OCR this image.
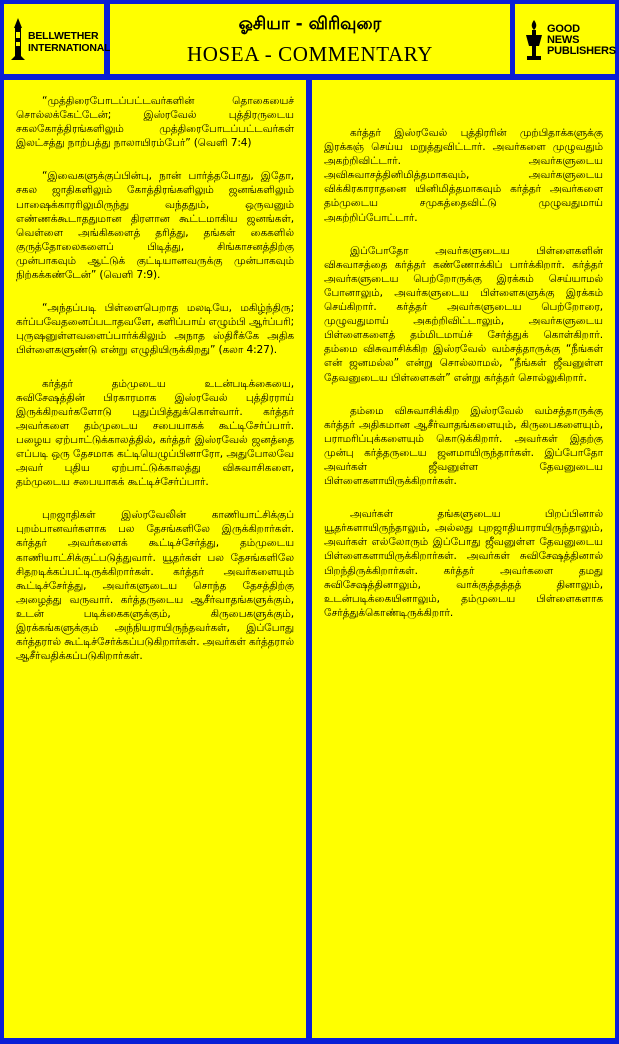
BELLWETHER
INTERNATIONAL
ஓசியா - விரிவுரை
HOSEA - COMMENTARY
GOOD NEWS
PUBLISHERS

“முத்திரைபோடப்பட்டவர்களின் தொகையைச் சொல்லக்கேட்டேன்; இஸ்ரவேல் புத்திரருடைய சகலகோத்திரங்களிலும் முத்திரைபோடப்பட்டவர்கள் இலட்சத்து நாற்பத்து நாலாயிரம்பேர்” (வெளி 7:4)

“இவைகளுக்குப்பின்பு, நான் பார்த்தபோது, இதோ, சகல ஜாதிகளிலும் கோத்திரங்களிலும் ஜனங்களிலும் பாஷைக்காரரிலுமிருந்து வந்ததும், ஒருவனும் எண்ணக்கூடாததுமான திரளான கூட்டமாகிய ஜனங்கள், வெள்ளை அங்கிகளைத் தரித்து, தங்கள் கைகளில் குருத்தோலைகளைப் பிடித்து, சிங்காசனத்திற்கு முன்பாகவும் ஆட்டுக் குட்டியானவருக்கு முன்பாகவும் நிற்கக்கண்டேன்” (வெளி 7:9).

“அந்தப்படி பிள்ளைபெறாத மலடியே, மகிழ்ந்திரு; கர்ப்பவேதனைப்படாதவளே, களிப்பாய் எழும்பி ஆர்ப்பரி; புருஷனுள்ளவளைப்பார்க்கிலும் அநாத ஸ்திரீக்கே அதிக பிள்ளைகளுண்டு என்று எழுதியிருக்கிறது” (கலா 4:27).

கர்த்தர் தம்முடைய உடன்படிக்கையை, சுவிசேஷத்தின் பிரகாரமாக இஸ்ரவேல் புத்திரராய் இருக்கிறவர்களோடு புதுப்பித்துக்கொள்வார். கர்த்தர் அவர்களை தம்முடைய சபையாகக் கூட்டிசேர்ப்பார். பழைய ஏற்பாட்டுக்காலத்தில், கர்த்தர் இஸ்ரவேல் ஜனத்தை எப்படி ஒரு தேசமாக கட்டியெழுப்பினாரோ, அதுபோலவே அவர் புதிய ஏற்பாட்டுக்காலத்து விசுவாசிகளை, தம்முடைய சபையாகக் கூட்டிச்சேர்ப்பார்.

புறஜாதிகள் இஸ்ரவேலின் காணியாட்சிக்குப் புறம்பானவர்களாக பல தேசங்களிலே இருக்கிறார்கள். கர்த்தர் அவர்களைக் கூட்டிச்சேர்த்து, தம்முடைய காணியாட்சிக்குட்படுத்துவார். யூதர்கள் பல தேசங்களிலே சிதறடிக்கப்பட்டிருக்கிறார்கள். கர்த்தர் அவர்களையும் கூட்டிச்சேர்த்து, அவர்களுடைய சொந்த தேசத்திற்கு அழைத்து வருவார். கர்த்தருடைய ஆசீர்வாதங்களுக்கும், உடன் படிக்கைகளுக்கும், கிருபைகளுக்கும், இரக்கங்களுக்கும் அந்நியராயிருந்தவர்கள், இப்போது கர்த்தரால் கூட்டிச்சேர்க்கப்படுகிறார்கள். அவர்கள் கர்த்தரால் ஆசீர்வதிக்கப்படுகிறார்கள்.

கர்த்தர் இஸ்ரவேல் புத்திரரின் முற்பிதாக்களுக்கு இரக்கஞ் செய்ய மறுத்துவிட்டார். அவர்களை முழுவதும் அகற்றிவிட்டார். அவர்களுடைய அவிசுவாசத்தினிமித்தமாகவும், அவர்களுடைய விக்கிரகாராதனை யினிமித்தமாகவும் கர்த்தர் அவர்களை தம்முடைய சமுகத்தைவிட்டு முழுவதுமாய் அகற்றிப்போட்டார்.

இப்போதோ அவர்களுடைய பிள்ளைகளின் விசுவாசத்தை கர்த்தர் கண்ணோக்கிப் பார்க்கிறார். கர்த்தர் அவர்களுடைய பெற்றோருக்கு இரக்கம் செய்யாமல் போனாலும், அவர்களுடைய பிள்ளைகளுக்கு இரக்கம் செய்கிறார். கர்த்தர் அவர்களுடைய பெற்றோரை, முழுவதுமாய் அகற்றிவிட்டாலும், அவர்களுடைய பிள்ளைகளைத் தம்மிடமாய்ச் சேர்த்துக் கொள்கிறார். தம்மை விசுவாசிக்கிற இஸ்ரவேல் வம்சத்தாருக்கு “நீங்கள் என் ஜனமல்ல” என்று சொல்லாமல், “நீங்கள் ஜீவனுள்ள தேவனுடைய பிள்ளைகள்” என்று கர்த்தர் சொல்லுகிறார்.

தம்மை விசுவாசிக்கிற இஸ்ரவேல் வம்சத்தாருக்கு கர்த்தர் அதிகமான ஆசீர்வாதங்களையும், கிருபைகளையும், பராமரிப்புக்களையும் கொடுக்கிறார். அவர்கள் இதற்கு முன்பு கர்த்தருடைய ஜனமாயிருந்தார்கள். இப்போதோ அவர்கள் ஜீவனுள்ள தேவனுடைய பிள்ளைகளாயிருக்கிறார்கள்.

அவர்கள் தங்களுடைய பிறப்பினால் யூதர்களாயிருந்தாலும், அல்லது புறஜாதியாராயிருந்தாலும், அவர்கள் எல்லோரும் இப்போது ஜீவனுள்ள தேவனுடைய பிள்ளைகளாயிருக்கிறார்கள். அவர்கள் சுவிசேஷத்தினால் பிறந்திருக்கிறார்கள். கர்த்தர் அவர்களை தமது சுவிசேஷத்தினாலும், வாக்குத்தத்தத் தினாலும், உடன்படிக்கையினாலும், தம்முடைய பிள்ளைகளாக சேர்த்துக்கொண்டிருக்கிறார்.
